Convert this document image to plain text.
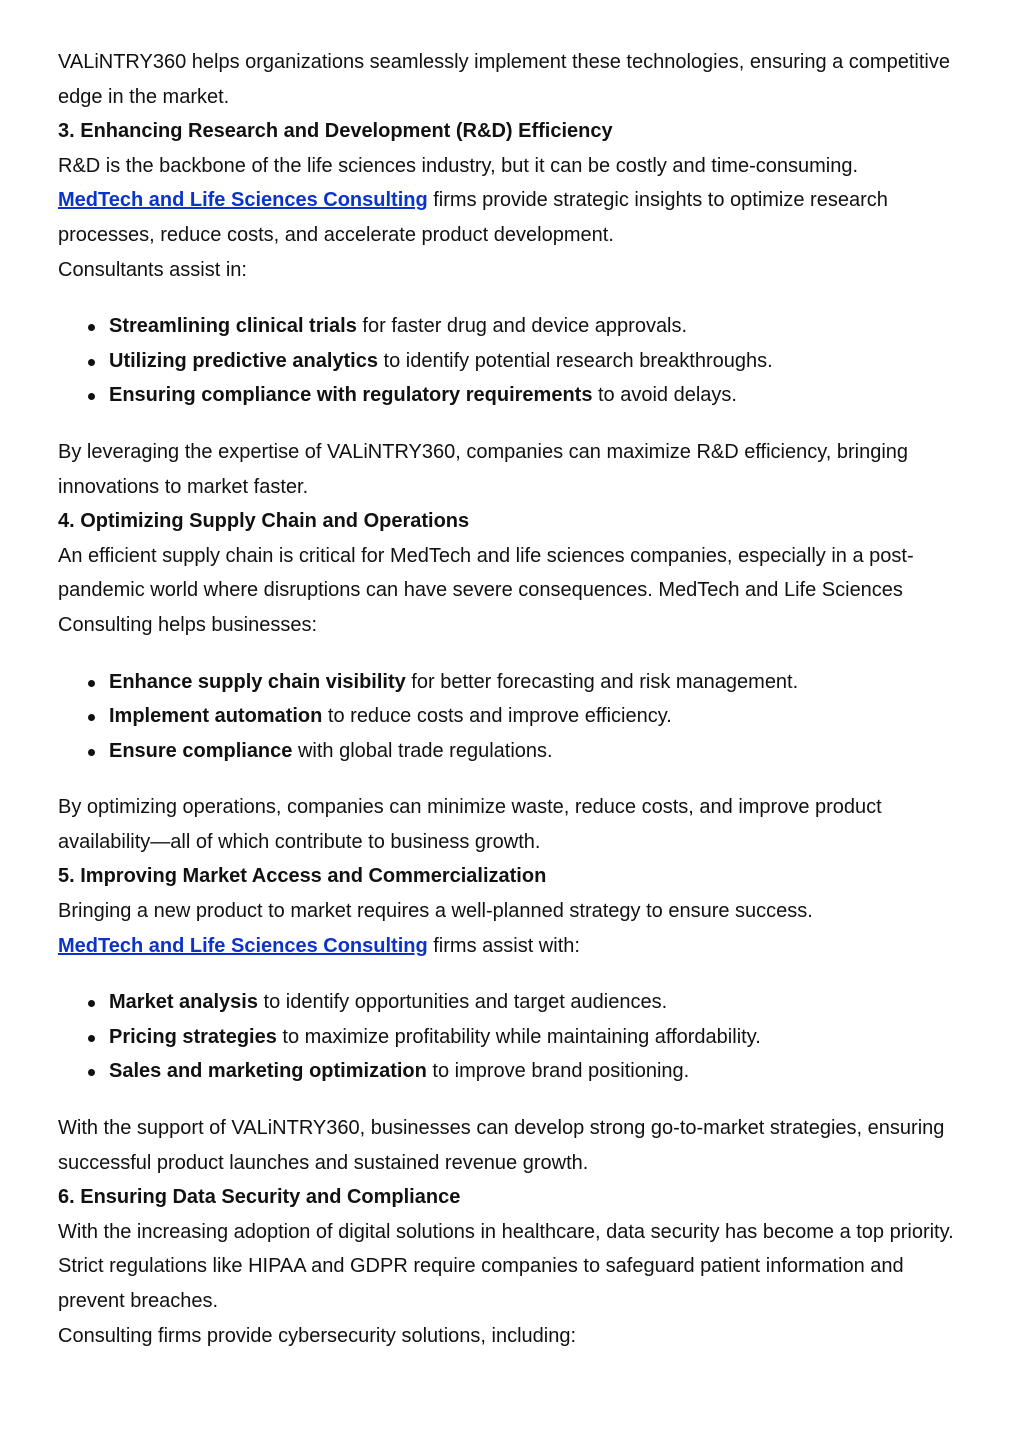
VALiNTRY360 helps organizations seamlessly implement these technologies, ensuring a competitive edge in the market.

3. Enhancing Research and Development (R&D) Efficiency

R&D is the backbone of the life sciences industry, but it can be costly and time-consuming.

MedTech and Life Sciences Consulting firms provide strategic insights to optimize research processes, reduce costs, and accelerate product development.

Consultants assist in:

Streamlining clinical trials for faster drug and device approvals.
Utilizing predictive analytics to identify potential research breakthroughs.
Ensuring compliance with regulatory requirements to avoid delays.

By leveraging the expertise of VALiNTRY360, companies can maximize R&D efficiency, bringing innovations to market faster.

4. Optimizing Supply Chain and Operations

An efficient supply chain is critical for MedTech and life sciences companies, especially in a post-pandemic world where disruptions can have severe consequences. MedTech and Life Sciences Consulting helps businesses:

Enhance supply chain visibility for better forecasting and risk management.
Implement automation to reduce costs and improve efficiency.
Ensure compliance with global trade regulations.

By optimizing operations, companies can minimize waste, reduce costs, and improve product availability—all of which contribute to business growth.

5. Improving Market Access and Commercialization

Bringing a new product to market requires a well-planned strategy to ensure success.

MedTech and Life Sciences Consulting firms assist with:

Market analysis to identify opportunities and target audiences.
Pricing strategies to maximize profitability while maintaining affordability.
Sales and marketing optimization to improve brand positioning.

With the support of VALiNTRY360, businesses can develop strong go-to-market strategies, ensuring successful product launches and sustained revenue growth.

6. Ensuring Data Security and Compliance

With the increasing adoption of digital solutions in healthcare, data security has become a top priority. Strict regulations like HIPAA and GDPR require companies to safeguard patient information and prevent breaches.

Consulting firms provide cybersecurity solutions, including:
